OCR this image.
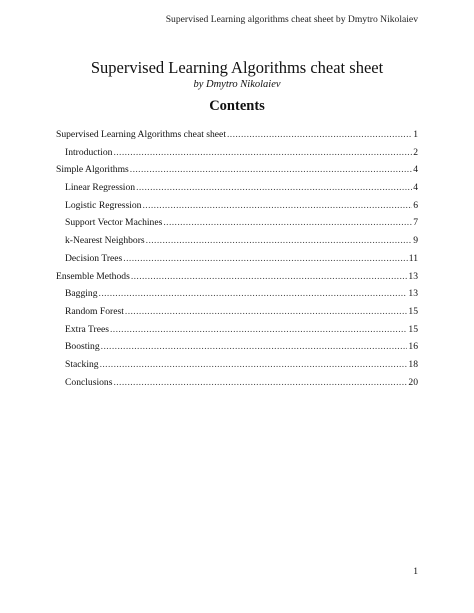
Supervised Learning algorithms cheat sheet by Dmytro Nikolaiev
Supervised Learning Algorithms cheat sheet
by Dmytro Nikolaiev
Contents
Supervised Learning Algorithms cheat sheet .....	1
Introduction .....	2
Simple Algorithms .....	4
Linear Regression .....	4
Logistic Regression .....	6
Support Vector Machines .....	7
k-Nearest Neighbors .....	9
Decision Trees .....	11
Ensemble Methods .....	13
Bagging .....	13
Random Forest .....	15
Extra Trees .....	15
Boosting .....	16
Stacking .....	18
Conclusions .....	20
1
